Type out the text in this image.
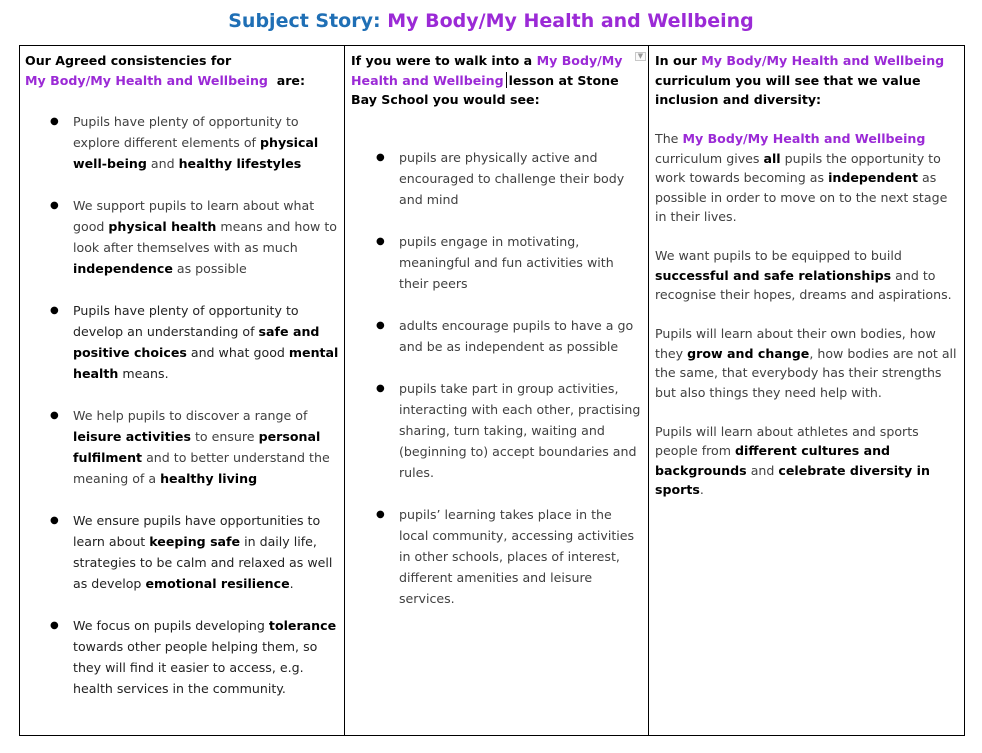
Subject Story: My Body/My Health and Wellbeing
Our Agreed consistencies for
My Body/My Health and Wellbeing  are:
● Pupils have plenty of opportunity to explore different elements of physical well-being and healthy lifestyles
● We support pupils to learn about what good physical health means and how to look after themselves with as much independence as possible
● Pupils have plenty of opportunity to develop an understanding of safe and positive choices and what good mental health means.
● We help pupils to discover a range of leisure activities to ensure personal fulfilment and to better understand the meaning of a healthy living
● We ensure pupils have opportunities to learn about keeping safe in daily life, strategies to be calm and relaxed as well as develop emotional resilience.
● We focus on pupils developing tolerance towards other people helping them, so they will find it easier to access, e.g. health services in the community.
▼
If you were to walk into a My Body/My
Health and Wellbeing lesson at Stone Bay School you would see:
● pupils are physically active and encouraged to challenge their body and mind
● pupils engage in motivating, meaningful and fun activities with their peers
● adults encourage pupils to have a go and be as independent as possible
● pupils take part in group activities, interacting with each other, practising sharing, turn taking, waiting and (beginning to) accept boundaries and rules.
● pupils’ learning takes place in the local community, accessing activities in other schools, places of interest, different amenities and leisure services.

In our My Body/My Health and Wellbeing curriculum you will see that we value inclusion and diversity:

The My Body/My Health and Wellbeing curriculum gives all pupils the opportunity to work towards becoming as independent as possible in order to move on to the next stage in their lives.

We want pupils to be equipped to build successful and safe relationships and to recognise their hopes, dreams and aspirations.

Pupils will learn about their own bodies, how they grow and change, how bodies are not all the same, that everybody has their strengths but also things they need help with.

Pupils will learn about athletes and sports people from different cultures and backgrounds and celebrate diversity in sports.
